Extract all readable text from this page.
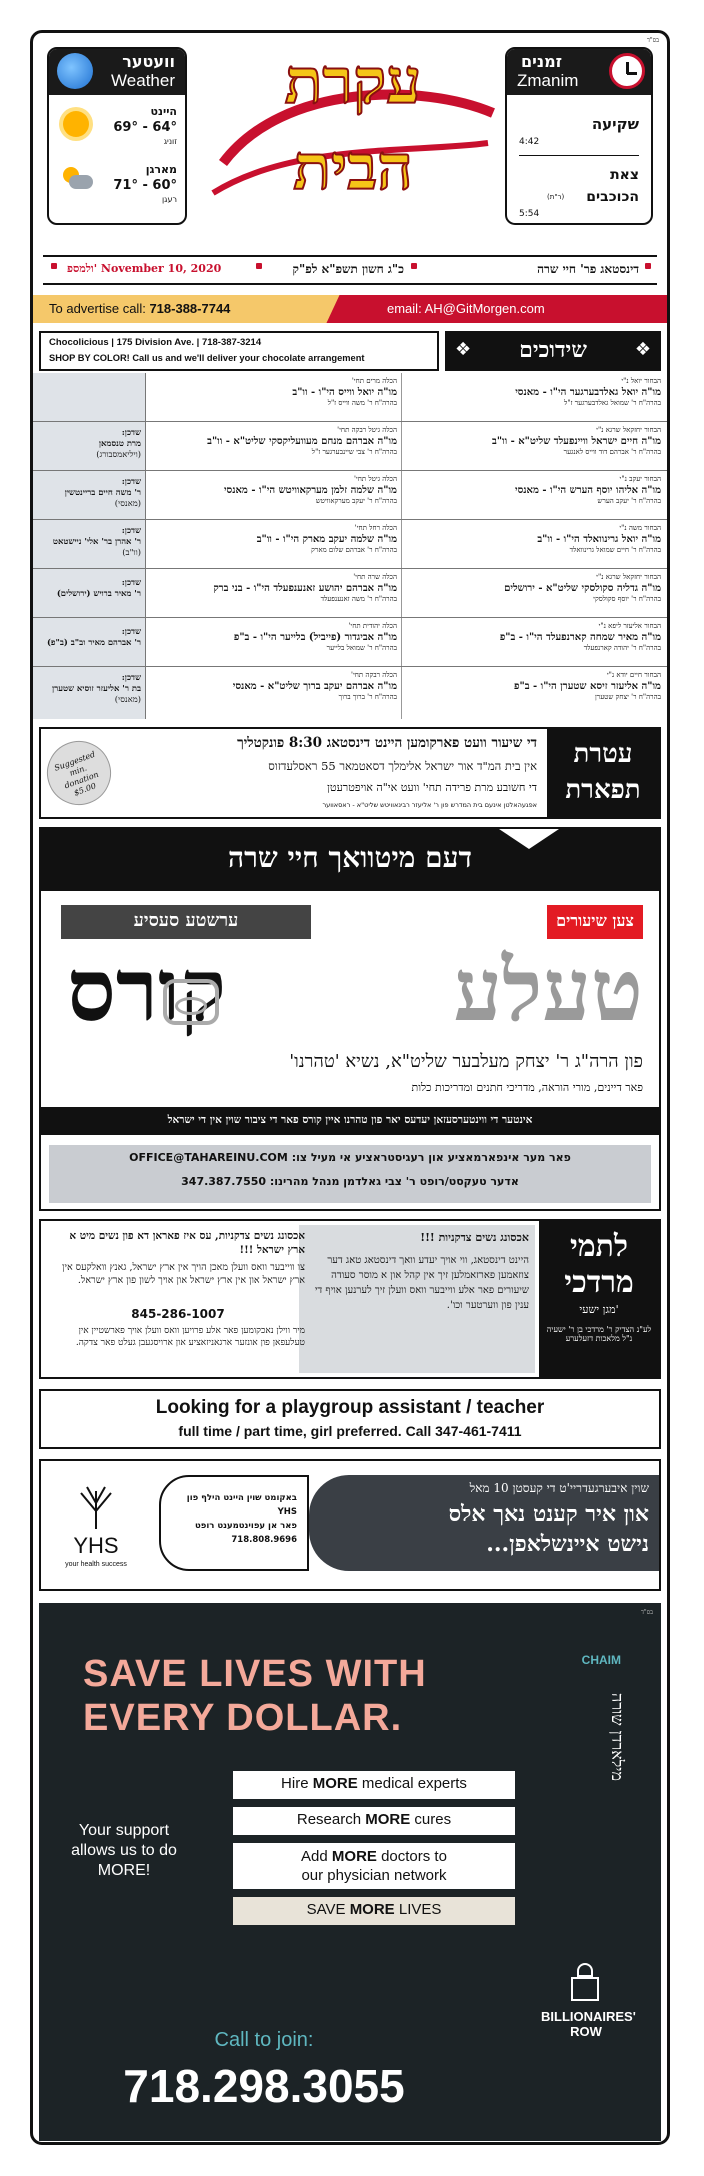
בס"ד
וועטער
Weather
היינט
69° - 64°
זוניג
מארגן
71° - 60°
רעגן
עקרת
הבית
זמנים
Zmanim
שקיעה
4:42
צאת
הכוכבים
(ר"ת)
5:54
דינסטאג פר' חיי שרה
כ"ג חשון תשפ"א לפ"ק
ולמספ' November 10, 2020
To advertise call: 718-388-7744	email: AH@GitMorgen.com
Chocolicious | 175 Division Ave. | 718-387-3214
SHOP BY COLOR! Call us and we'll deliver your chocolate arrangement	❖	❖
שידוכים
הבחור יואל נ"י
מו"ה יואל גאלדבערגער הי"ו - מאנסי
בהרה"ח ר' שמואל גאלדבערגער ז"ל
הכלה מרים תחי'
מו"ה יואל ווייס הי"ו - וו"ב
בהרה"ח ר' משה ווייס ז"ל
הבחור יחזקאל שרגא נ"י
מו"ה חיים ישראל וויינפעלד שליט"א - וו"ב
בהרה"ח ר' אברהם דוד ווייס לאנגער
הכלה גיטל רבקה תחי'
מו"ה אברהם מנחם מעוועליקסקי שליט"א - וו"ב
בהרה"ח ר' צבי שיינבערגער ז"ל
שדכן:
מרת טנסמאן
(ויליאמסבורג)
הבחור יעקב נ"י
מו"ה אליהו יוסף הערש הי"ו - מאנסי
בהרה"ח ר' יעקב הערש
הכלה גיטל תחי'
מו"ה שלמה זלמן מערקאוויטש הי"ו - מאנסי
בהרה"ח ר' יעקב מערקאוויטש
שדכן:
ר' משה חיים בריינטשין
(מאנסי)
הבחור משה נ"י
מו"ה יואל גרינוואלד הי"ו - וו"ב
בהרה"ח ר' חיים שמואל גרינוואלד
הכלה רחל תחי'
מו"ה שלמה יעקב מארק הי"ו - וו"ב
בהרה"ח ר' אברהם שלום מארק
שדכן:
ר' אהרן בר' אלי' ניישטאט
(וו"ב)
הבחור יחזקאל שרגא נ"י
מו"ה גדליה סקולסקי שליט"א - ירושלים
בהרה"ח ר' יוסף סקולסקי
הכלה שרה תחי'
מו"ה אברהם יהושע זאנענפעלד הי"ו - בני ברק
בהרה"ח ר' משה זאנענפעלד
שדכן:
ר' מאיר ברויש (ירושלים)
הבחור אליעזר ליפא נ"י
מו"ה מאיר שמחה קארנפעלד הי"ו - ב"פ
בהרה"ח ר' יהודה קארנפעלד
הכלה יהודית תחי'
מו"ה אביגדור (פייביל) בלייער הי"ו - ב"פ
בהרה"ח ר' שמואל בלייער
שדכן:
ר' אברהם מאיר וב"ב (ב"פ)
הבחור חיים יודא נ"י
מו"ה אליעזר זיסא שטערן הי"ו - ב"פ
בהרה"ח ר' יצחק שטערן
הכלה רבקה תחי'
מו"ה אברהם יעקב ברוך שליט"א - מאנסי
בהרה"ח ר' ברוך ברוך
שדכן:
בת ר' אליעזר זוסיא שטערן
(מאנסי)
עטרת
תפארת
די שיעור וועט פארקומען היינט דינסטאג 8:30 פונקטליך
אין בית המ"ד אור ישראל אלימלך דסאטמאר 55 ראסלעדזוס
די חשובע מרת פרידה תחי' וועט אי"ה אויפטרעטן
אפגעהאלטן אינעם בית המדרש פון ר' אליעזר רבינאוויטש שליט"א - ראסאווער
Suggested min. donation $5.00
דעם מיטוואך חיי שרה
צען שיעורים
ערשטע סעסיע
טעלע
קורס
פון הרה"ג ר' יצחק מעלבער שליט"א, נשיא 'טהרנו'
פאר דיינים, מורי הוראה, מדריכי חתנים ומדריכות כלות
אינטער די ווינטערסעזאן יעדעס יאר פון טהרנו איין קורס פאר די ציבור שוין אין די ישראל
פאר מער אינפארמאציע און רעגיסטראציע אי מעיל צו: OFFICE@TAHAREINU.COM
אדער טעקסט/רופט ר' צבי גאלדמן מנהל מהרינו: 347.387.7550
לתמי
מרדכי
מגן ישעי'
לע"נ הצדיק ר' מרדכי בן ר' ישעיה
נ"ל מלאכות דזעלערע
אכסונג נשים צדקניות !!!
היינט דינסטאג, ווי אויך יעדע וואך דינסטאג טאג דער צוזאמען פארזאמלען זיך אין קהל און א מוסר סעודה שיעורים פאר אלע ווייבער וואס וועלן זיך לערנען אויף די ענין פון ווערטער וכו'.
אכסונג נשים צדקניות, עס איז פאראן דא פון נשים מיט א ארץ ישראל !!!
צו ווייבער וואס וועלן מאכן הויך אין ארץ ישראל, גאנץ וואלקעס אין ארץ ישראל און אין ארץ ישראל און אויך לשון פון ארץ ישראל.
845-286-1007
מיר ווילן נאכקומען פאר אלע פרויען וואס וועלן אויך פארשטיין אין טעלעפאן פון אונזער ארגאניזאציע און ארויסגעבן געלט פאר צדקה.
Looking for a playgroup assistant / teacher
full time / part time, girl preferred. Call 347-461-7411
YHS
your health success
באקומט שוין היינט הילף פון YHS
פאר אן עפוינטמענט רופט
718.808.9696
שוין איבערגעדריי'ט די קעסטן 10 מאל
און איר קענט נאך אלס
נישט איינשלאפן...
בס"ד
SAVE LIVES WITH
EVERY DOLLAR.
CHAIM
מילארדן שורה
Your support allows us to do MORE!
Hire MORE medical experts
Research MORE cures
Add MORE doctors to
our physician network
SAVE MORE LIVES
BILLIONAIRES' ROW
Call to join:
718.298.3055
